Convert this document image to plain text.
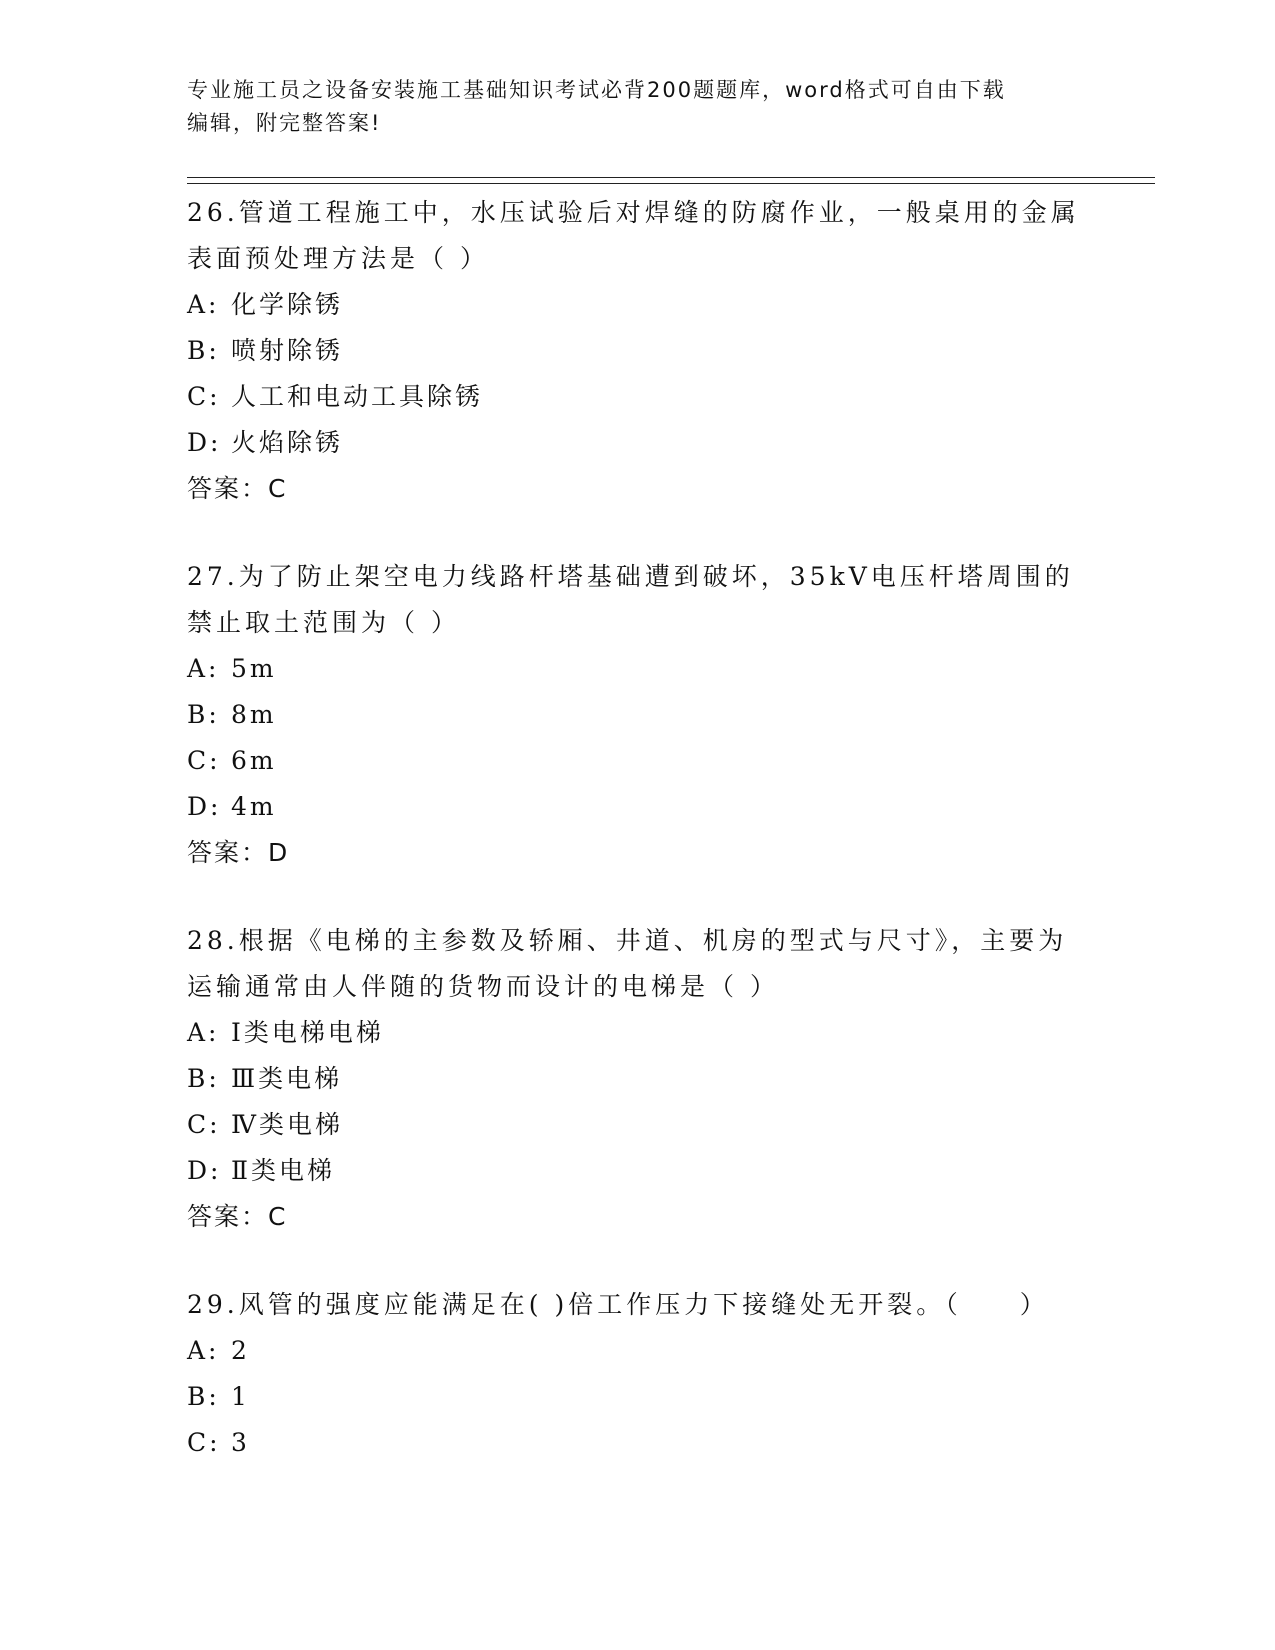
专业施工员之设备安装施工基础知识考试必背200题题库，word格式可自由下载
编辑，附完整答案!
26.管道工程施工中，水压试验后对焊缝的防腐作业，一般桌用的金属表面预处理方法是（ ）
A: 化学除锈
B: 喷射除锈
C: 人工和电动工具除锈
D: 火焰除锈
答案：C
27.为了防止架空电力线路杆塔基础遭到破坏，35kV电压杆塔周围的禁止取土范围为（ ）
A: 5m
B: 8m
C: 6m
D: 4m
答案：D
28.根据《电梯的主参数及轿厢、井道、机房的型式与尺寸》，主要为运输通常由人伴随的货物而设计的电梯是（ ）
A: Ⅰ类电梯电梯
B: Ⅲ类电梯
C: Ⅳ类电梯
D: Ⅱ类电梯
答案：C
29.风管的强度应能满足在( )倍工作压力下接缝处无开裂。（　　）
A: 2
B: 1
C: 3
